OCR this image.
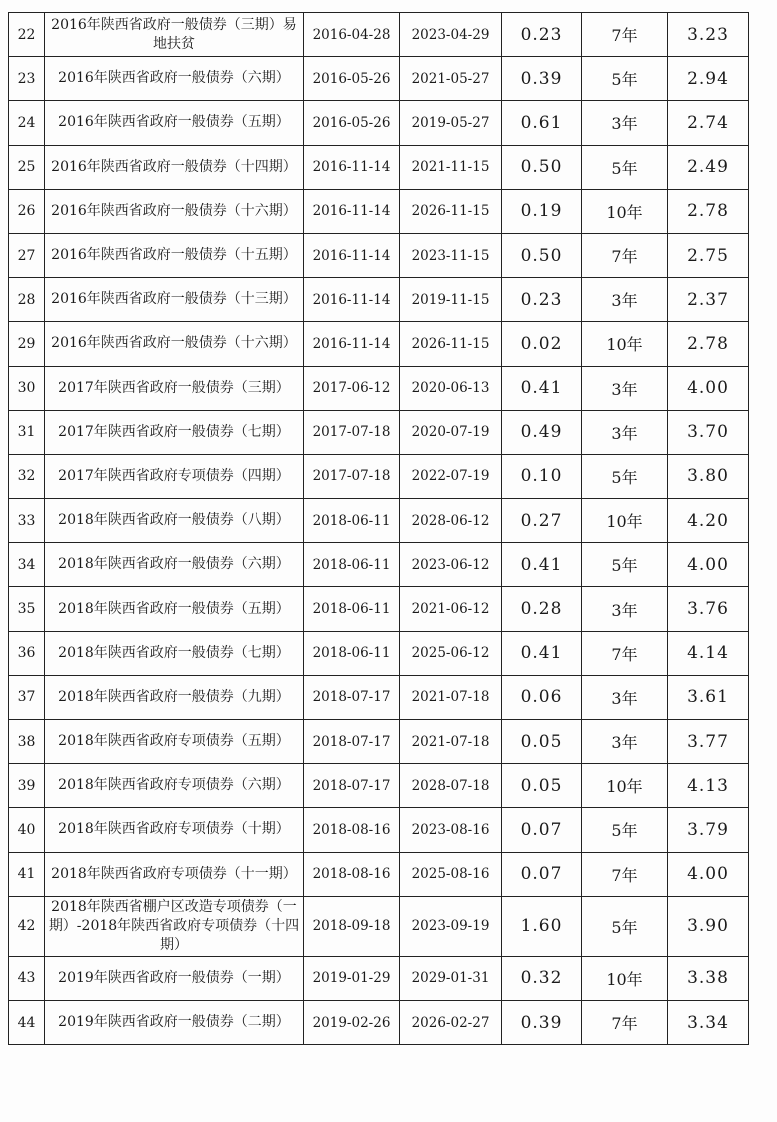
22	2016年陕西省政府一般债券（三期）易地扶贫	2016-04-28	2023-04-29	0.23	7年	3.23
23	2016年陕西省政府一般债券（六期）	2016-05-26	2021-05-27	0.39	5年	2.94
24	2016年陕西省政府一般债券（五期）	2016-05-26	2019-05-27	0.61	3年	2.74
25	2016年陕西省政府一般债券（十四期）	2016-11-14	2021-11-15	0.50	5年	2.49
26	2016年陕西省政府一般债券（十六期）	2016-11-14	2026-11-15	0.19	10年	2.78
27	2016年陕西省政府一般债券（十五期）	2016-11-14	2023-11-15	0.50	7年	2.75
28	2016年陕西省政府一般债券（十三期）	2016-11-14	2019-11-15	0.23	3年	2.37
29	2016年陕西省政府一般债券（十六期）	2016-11-14	2026-11-15	0.02	10年	2.78
30	2017年陕西省政府一般债券（三期）	2017-06-12	2020-06-13	0.41	3年	4.00
31	2017年陕西省政府一般债券（七期）	2017-07-18	2020-07-19	0.49	3年	3.70
32	2017年陕西省政府专项债券（四期）	2017-07-18	2022-07-19	0.10	5年	3.80
33	2018年陕西省政府一般债券（八期）	2018-06-11	2028-06-12	0.27	10年	4.20
34	2018年陕西省政府一般债券（六期）	2018-06-11	2023-06-12	0.41	5年	4.00
35	2018年陕西省政府一般债券（五期）	2018-06-11	2021-06-12	0.28	3年	3.76
36	2018年陕西省政府一般债券（七期）	2018-06-11	2025-06-12	0.41	7年	4.14
37	2018年陕西省政府一般债券（九期）	2018-07-17	2021-07-18	0.06	3年	3.61
38	2018年陕西省政府专项债券（五期）	2018-07-17	2021-07-18	0.05	3年	3.77
39	2018年陕西省政府专项债券（六期）	2018-07-17	2028-07-18	0.05	10年	4.13
40	2018年陕西省政府专项债券（十期）	2018-08-16	2023-08-16	0.07	5年	3.79
41	2018年陕西省政府专项债券（十一期）	2018-08-16	2025-08-16	0.07	7年	4.00
42	2018年陕西省棚户区改造专项债券（一期）-2018年陕西省政府专项债券（十四期）	2018-09-18	2023-09-19	1.60	5年	3.90
43	2019年陕西省政府一般债券（一期）	2019-01-29	2029-01-31	0.32	10年	3.38
44	2019年陕西省政府一般债券（二期）	2019-02-26	2026-02-27	0.39	7年	3.34
